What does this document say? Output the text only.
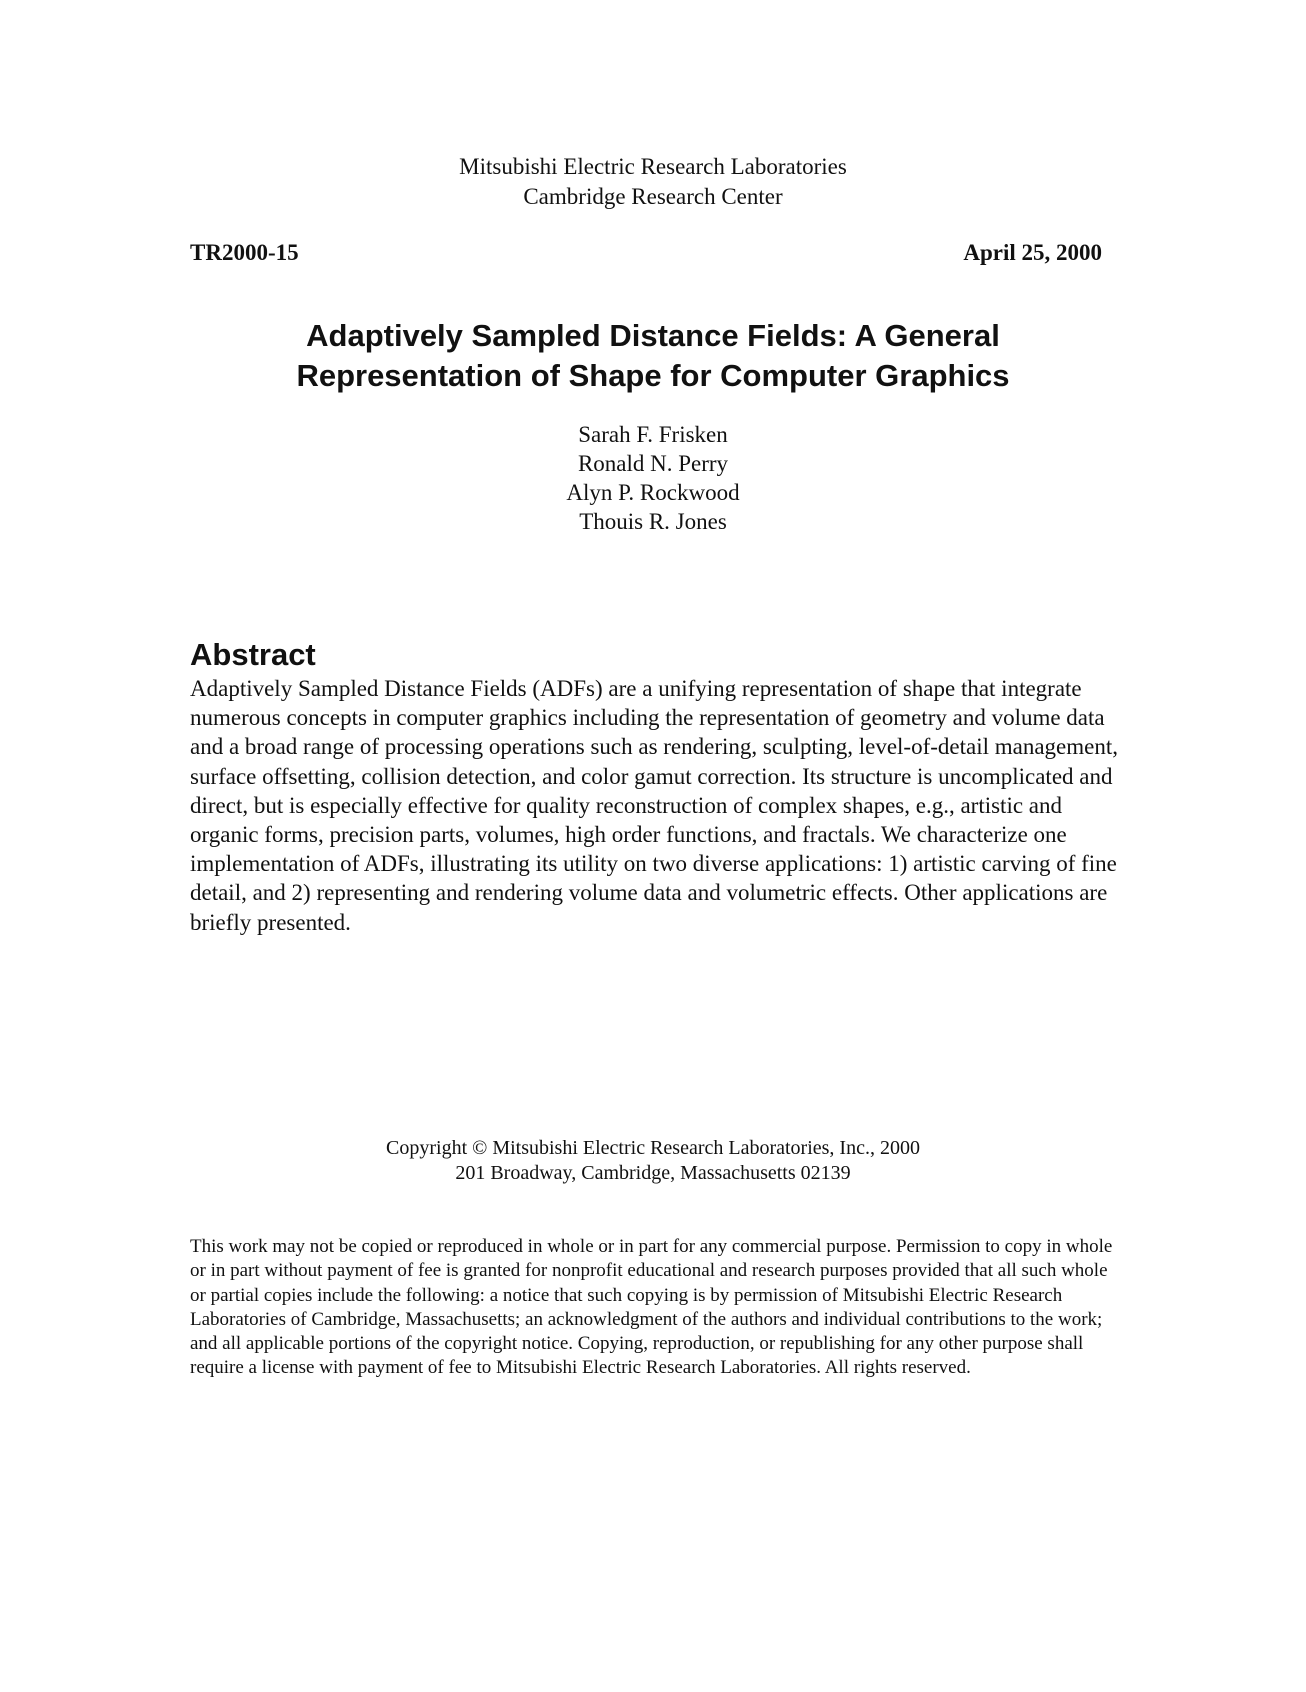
Mitsubishi Electric Research Laboratories
Cambridge Research Center
TR2000-15	April 25, 2000
Adaptively Sampled Distance Fields: A General
Representation of Shape for Computer Graphics
Sarah F. Frisken
Ronald N. Perry
Alyn P. Rockwood
Thouis R. Jones
Abstract
Adaptively Sampled Distance Fields (ADFs) are a unifying representation of shape that integrate numerous concepts in computer graphics including the representation of geometry and volume data and a broad range of processing operations such as rendering, sculpting, level-of-detail management, surface offsetting, collision detection, and color gamut correction. Its structure is uncomplicated and direct, but is especially effective for quality reconstruction of complex shapes, e.g., artistic and organic forms, precision parts, volumes, high order functions, and fractals. We characterize one implementation of ADFs, illustrating its utility on two diverse applications: 1) artistic carving of fine detail, and 2) representing and rendering volume data and volumetric effects. Other applications are briefly presented.
Copyright © Mitsubishi Electric Research Laboratories, Inc., 2000
201 Broadway, Cambridge, Massachusetts 02139
This work may not be copied or reproduced in whole or in part for any commercial purpose. Permission to copy in whole or in part without payment of fee is granted for nonprofit educational and research purposes provided that all such whole or partial copies include the following: a notice that such copying is by permission of Mitsubishi Electric Research Laboratories of Cambridge, Massachusetts; an acknowledgment of the authors and individual contributions to the work; and all applicable portions of the copyright notice. Copying, reproduction, or republishing for any other purpose shall require a license with payment of fee to Mitsubishi Electric Research Laboratories. All rights reserved.
